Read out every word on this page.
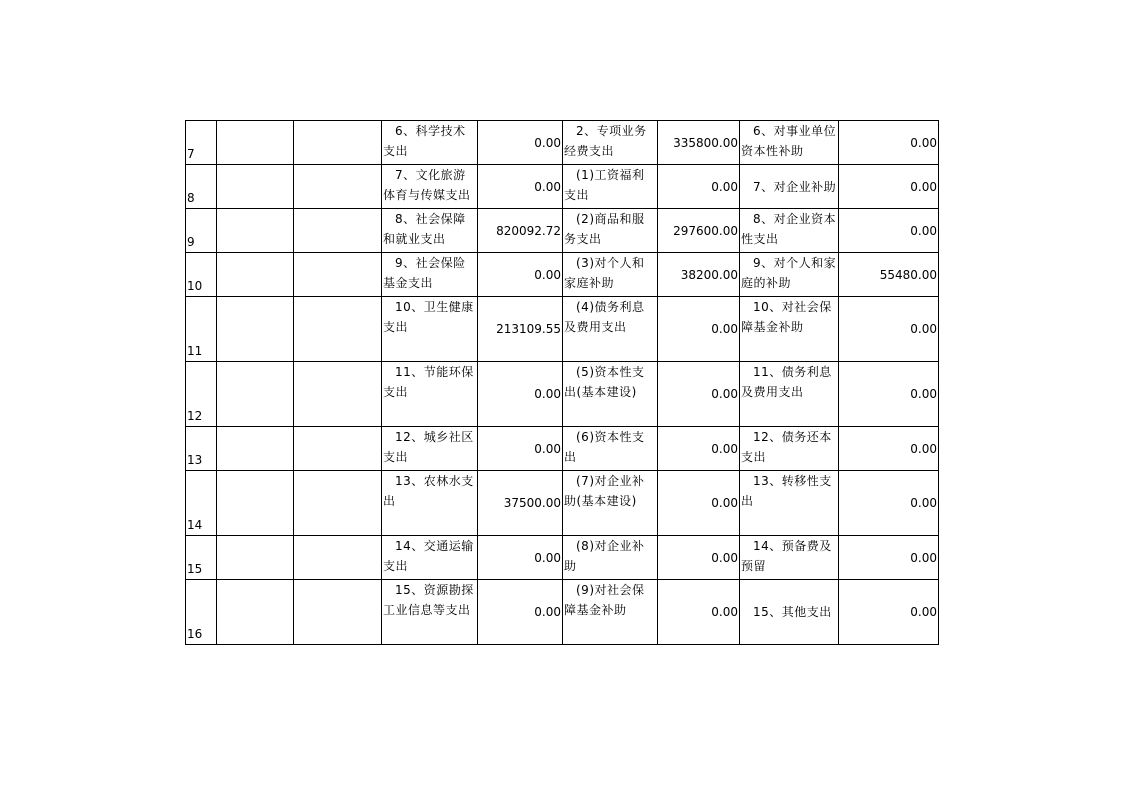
7			6、科学技术支出	0.00	2、专项业务经费支出	335800.00	6、对事业单位资本性补助	0.00
8			7、文化旅游体育与传媒支出	0.00	(1)工资福利支出	0.00	7、对企业补助	0.00
9			8、社会保障和就业支出	820092.72	(2)商品和服务支出	297600.00	8、对企业资本性支出	0.00
10			9、社会保险基金支出	0.00	(3)对个人和家庭补助	38200.00	9、对个人和家庭的补助	55480.00
11			10、卫生健康支出	213109.55	(4)债务利息及费用支出	0.00	10、对社会保障基金补助	0.00
12			11、节能环保支出	0.00	(5)资本性支出(基本建设)	0.00	11、债务利息及费用支出	0.00
13			12、城乡社区支出	0.00	(6)资本性支出	0.00	12、债务还本支出	0.00
14			13、农林水支出	37500.00	(7)对企业补助(基本建设)	0.00	13、转移性支出	0.00
15			14、交通运输支出	0.00	(8)对企业补助	0.00	14、预备费及预留	0.00
16			15、资源勘探工业信息等支出	0.00	(9)对社会保障基金补助	0.00	15、其他支出	0.00
